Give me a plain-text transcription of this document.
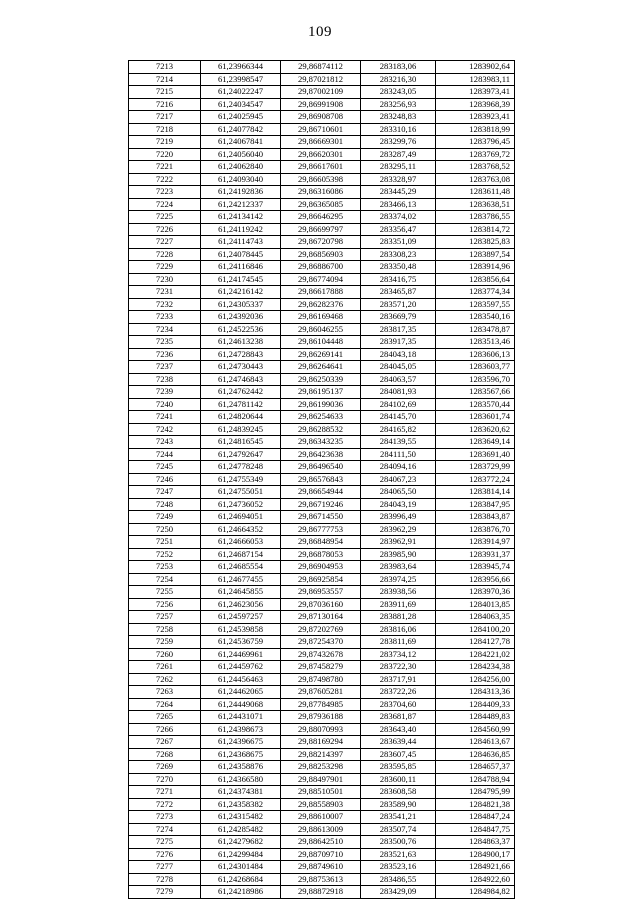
109
7213	61,23966344	29,86874112	283183,06	1283902,64
7214	61,23998547	29,87021812	283216,30	1283983,11
7215	61,24022247	29,87002109	283243,05	1283973,41
7216	61,24034547	29,86991908	283256,93	1283968,39
7217	61,24025945	29,86908708	283248,83	1283923,41
7218	61,24077842	29,86710601	283310,16	1283818,99
7219	61,24067841	29,86669301	283299,76	1283796,45
7220	61,24056040	29,86620301	283287,49	1283769,72
7221	61,24062840	29,86617601	283295,11	1283768,52
7222	61,24093040	29,86605398	283328,97	1283763,08
7223	61,24192836	29,86316086	283445,29	1283611,48
7224	61,24212337	29,86365085	283466,13	1283638,51
7225	61,24134142	29,86646295	283374,02	1283786,55
7226	61,24119242	29,86699797	283356,47	1283814,72
7227	61,24114743	29,86720798	283351,09	1283825,83
7228	61,24078445	29,86856903	283308,23	1283897,54
7229	61,24116846	29,86886700	283350,48	1283914,96
7230	61,24174545	29,86774094	283416,75	1283856,64
7231	61,24216142	29,86617888	283465,87	1283774,34
7232	61,24305337	29,86282376	283571,20	1283597,55
7233	61,24392036	29,86169468	283669,79	1283540,16
7234	61,24522536	29,86046255	283817,35	1283478,87
7235	61,24613238	29,86104448	283917,35	1283513,46
7236	61,24728843	29,86269141	284043,18	1283606,13
7237	61,24730443	29,86264641	284045,05	1283603,77
7238	61,24746843	29,86250339	284063,57	1283596,70
7239	61,24762442	29,86195137	284081,93	1283567,66
7240	61,24781142	29,86199036	284102,69	1283570,44
7241	61,24820644	29,86254633	284145,70	1283601,74
7242	61,24839245	29,86288532	284165,82	1283620,62
7243	61,24816545	29,86343235	284139,55	1283649,14
7244	61,24792647	29,86423638	284111,50	1283691,40
7245	61,24778248	29,86496540	284094,16	1283729,99
7246	61,24755349	29,86576843	284067,23	1283772,24
7247	61,24755051	29,86654944	284065,50	1283814,14
7248	61,24736052	29,86719246	284043,19	1283847,95
7249	61,24694051	29,86714550	283996,49	1283843,87
7250	61,24664352	29,86777753	283962,29	1283876,70
7251	61,24666053	29,86848954	283962,91	1283914,97
7252	61,24687154	29,86878053	283985,90	1283931,37
7253	61,24685554	29,86904953	283983,64	1283945,74
7254	61,24677455	29,86925854	283974,25	1283956,66
7255	61,24645855	29,86953557	283938,56	1283970,36
7256	61,24623056	29,87036160	283911,69	1284013,85
7257	61,24597257	29,87130164	283881,28	1284063,35
7258	61,24539858	29,87202769	283816,06	1284100,20
7259	61,24536759	29,87254370	283811,69	1284127,78
7260	61,24469961	29,87432678	283734,12	1284221,02
7261	61,24459762	29,87458279	283722,30	1284234,38
7262	61,24456463	29,87498780	283717,91	1284256,00
7263	61,24462065	29,87605281	283722,26	1284313,36
7264	61,24449068	29,87784985	283704,60	1284409,33
7265	61,24431071	29,87936188	283681,87	1284489,83
7266	61,24398673	29,88070993	283643,40	1284560,99
7267	61,24396675	29,88169294	283639,44	1284613,67
7268	61,24368675	29,88214397	283607,45	1284636,85
7269	61,24358876	29,88253298	283595,85	1284657,37
7270	61,24366580	29,88497901	283600,11	1284788,94
7271	61,24374381	29,88510501	283608,58	1284795,99
7272	61,24358382	29,88558903	283589,90	1284821,38
7273	61,24315482	29,88610007	283541,21	1284847,24
7274	61,24285482	29,88613009	283507,74	1284847,75
7275	61,24279682	29,88642510	283500,76	1284863,37
7276	61,24299484	29,88709710	283521,63	1284900,17
7277	61,24301484	29,88749610	283523,16	1284921,66
7278	61,24268684	29,88753613	283486,55	1284922,60
7279	61,24218986	29,88872918	283429,09	1284984,82
